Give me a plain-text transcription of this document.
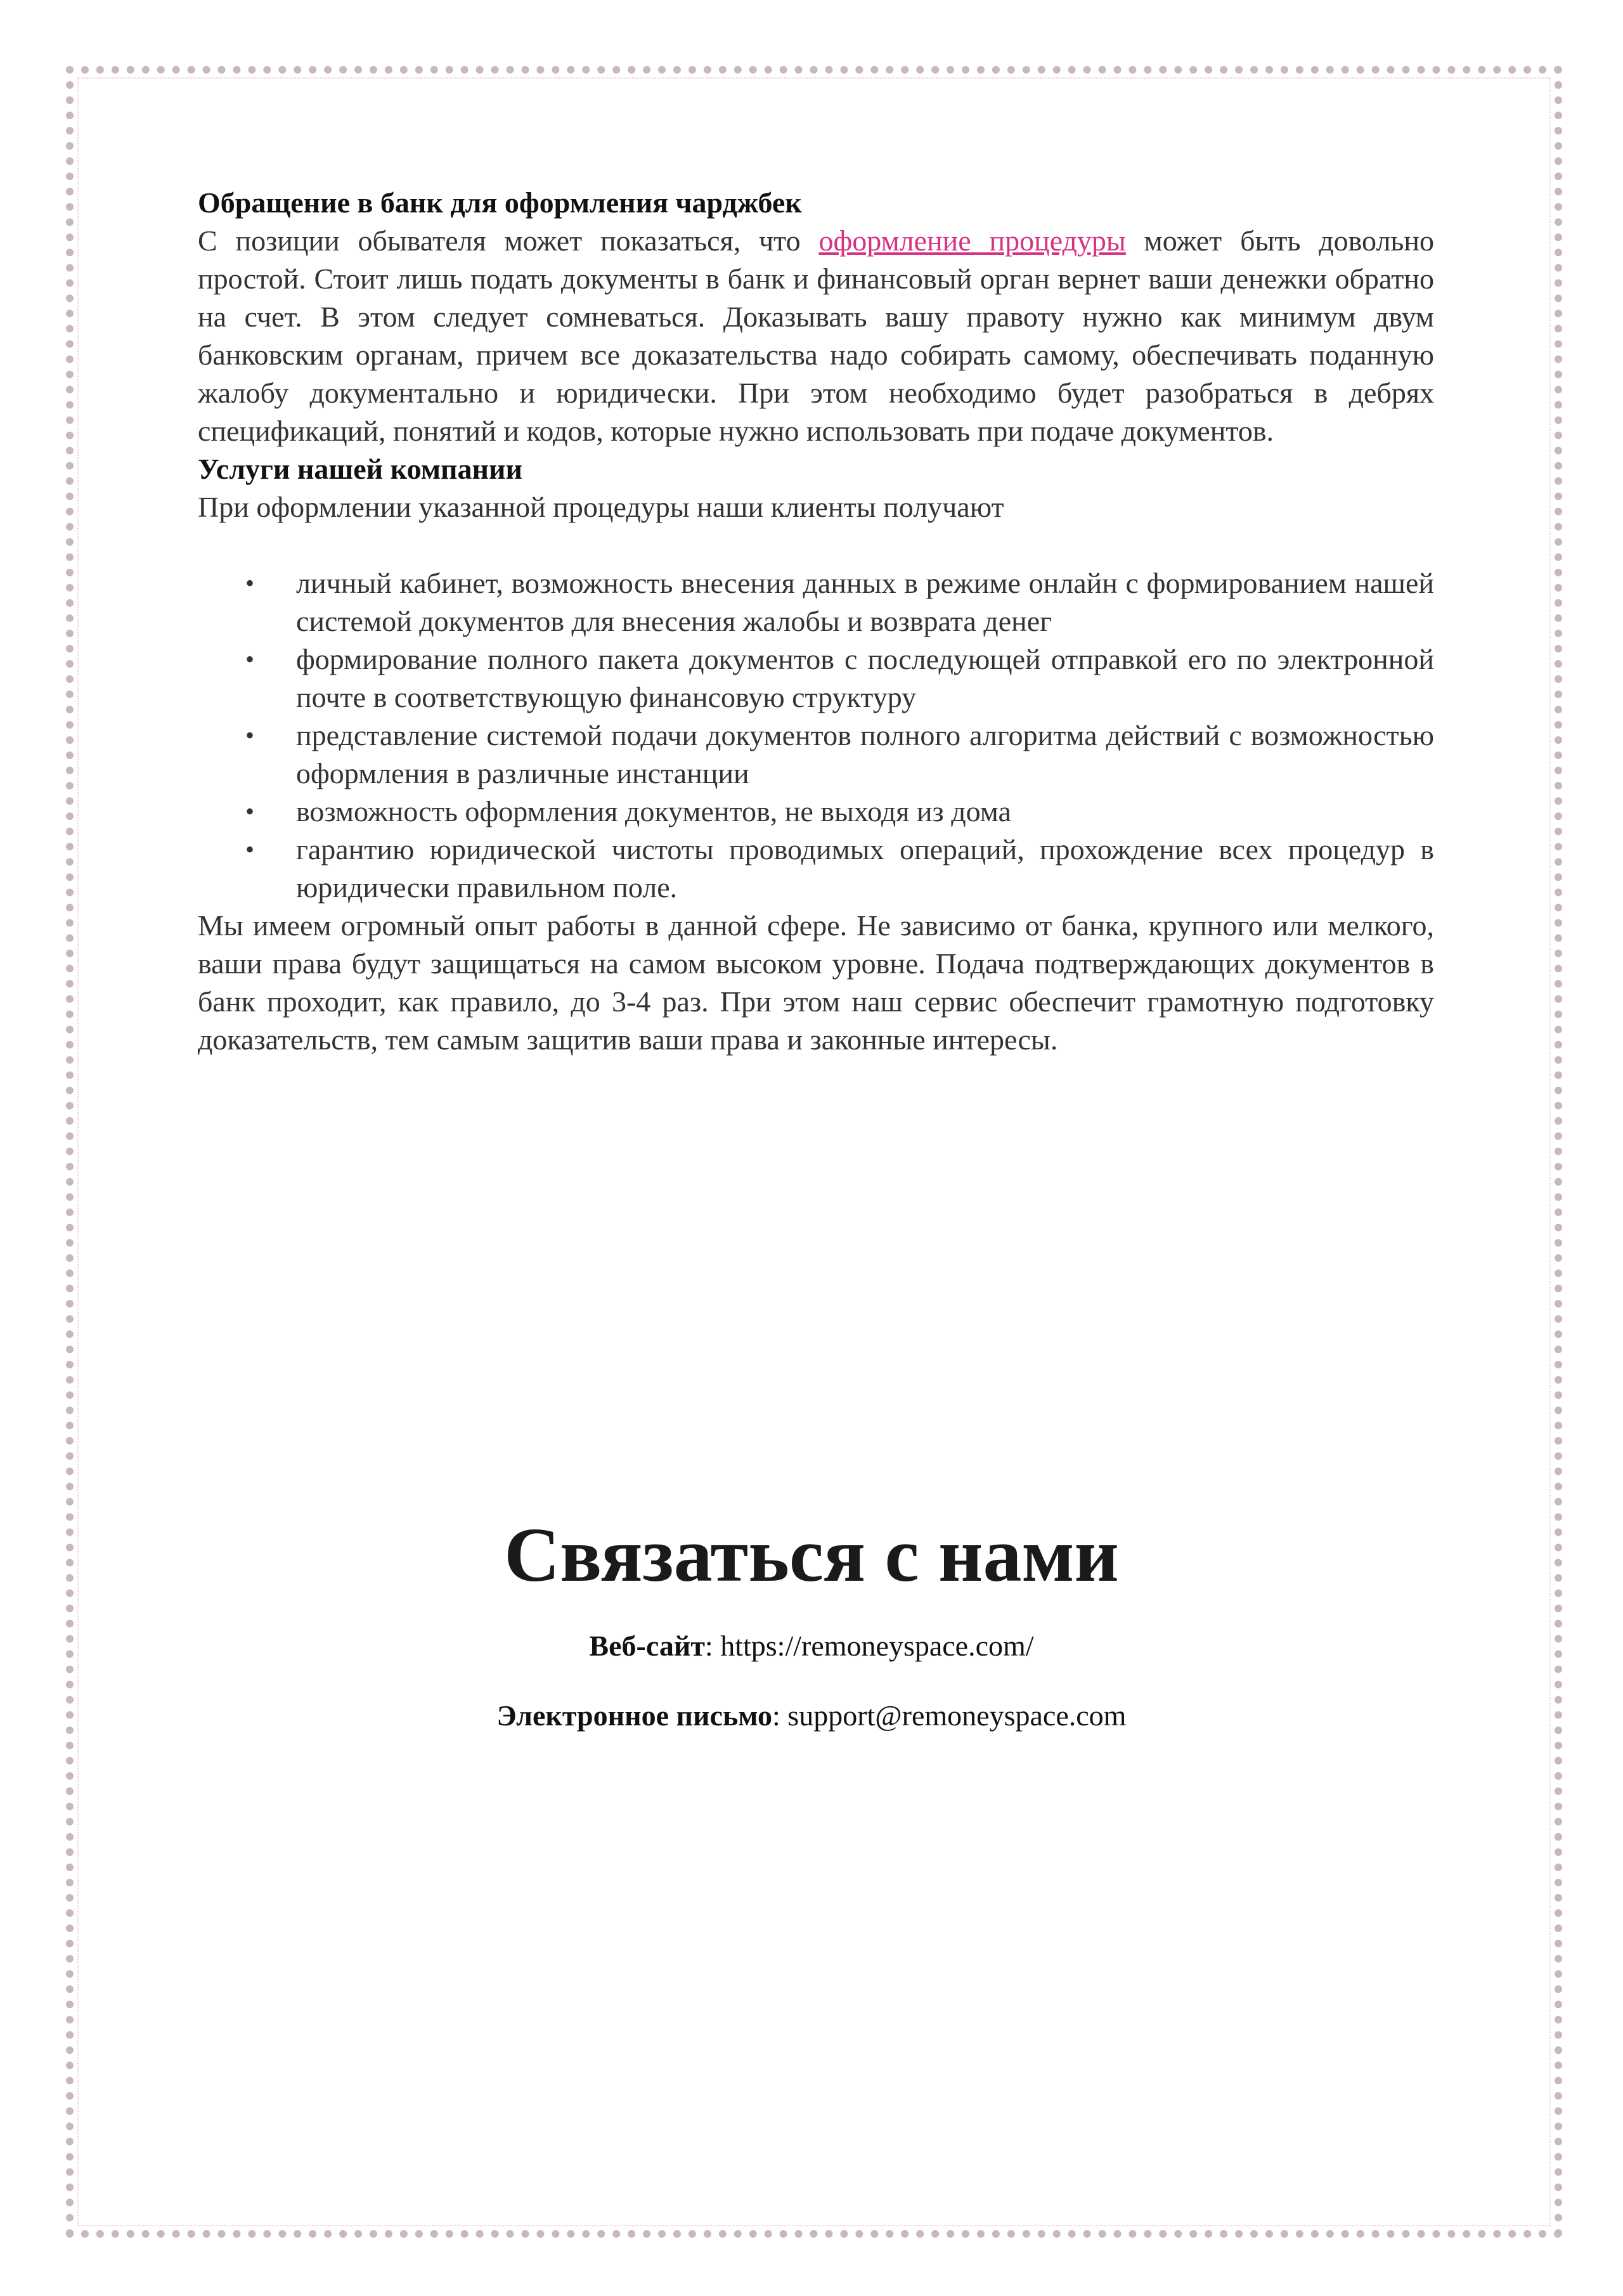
Обращение в банк для оформления чарджбек

С позиции обывателя может показаться, что оформление процедуры может быть довольно простой. Стоит лишь подать документы в банк и финансовый орган вернет ваши денежки обратно на счет. В этом следует сомневаться. Доказывать вашу правоту нужно как минимум двум банковским органам, причем все доказательства надо собирать самому, обеспечивать поданную жалобу документально и юридически. При этом необходимо будет разобраться в дебрях спецификаций, понятий и кодов, которые нужно использовать при подаче документов.

Услуги нашей компании

При оформлении указанной процедуры наши клиенты получают

• личный кабинет, возможность внесения данных в режиме онлайн с формированием нашей системой документов для внесения жалобы и возврата денег
• формирование полного пакета документов с последующей отправкой его по электронной почте в соответствующую финансовую структуру
• представление системой подачи документов полного алгоритма действий с возможностью оформления в различные инстанции
• возможность оформления документов, не выходя из дома
• гарантию юридической чистоты проводимых операций, прохождение всех процедур в юридически правильном поле.

Мы имеем огромный опыт работы в данной сфере. Не зависимо от банка, крупного или мелкого, ваши права будут защищаться на самом высоком уровне. Подача подтверждающих документов в банк проходит, как правило, до 3-4 раз. При этом наш сервис обеспечит грамотную подготовку доказательств, тем самым защитив ваши права и законные интересы.

Связаться с нами

Веб-сайт: https://remoneyspace.com/

Электронное письмо: support@remoneyspace.com
